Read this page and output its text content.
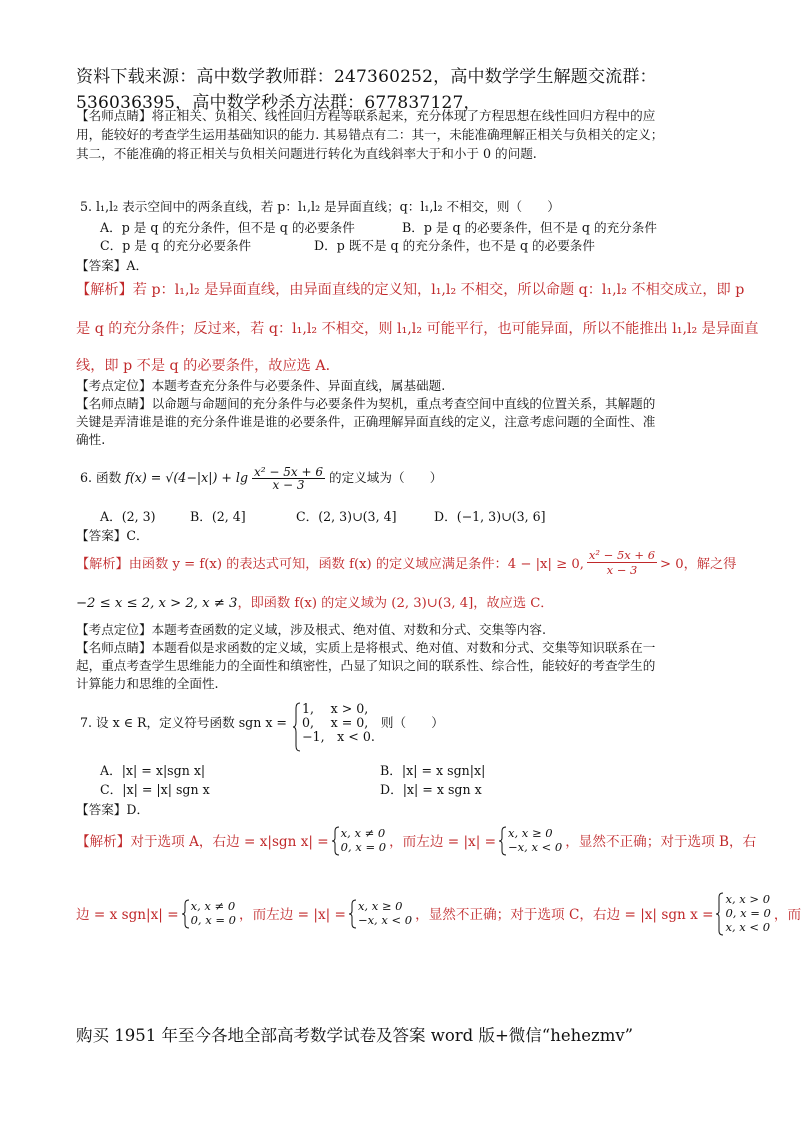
资料下载来源：高中数学教师群：247360252，高中数学学生解题交流群：
536036395，高中数学秒杀方法群：677837127，
【名师点睛】将正相关、负相关、线性回归方程等联系起来，充分体现了方程思想在线性回归方程中的应
用，能较好的考查学生运用基础知识的能力. 其易错点有二：其一，未能准确理解正相关与负相关的定义；
其二，不能准确的将正相关与负相关问题进行转化为直线斜率大于和小于 0 的问题.
5. l₁,l₂ 表示空间中的两条直线，若 p：l₁,l₂ 是异面直线；q：l₁,l₂ 不相交，则（　　）
A．p 是 q 的充分条件，但不是 q 的必要条件	B．p 是 q 的必要条件，但不是 q 的充分条件
C．p 是 q 的充分必要条件	D．p 既不是 q 的充分条件，也不是 q 的必要条件
【答案】A．
【解析】若 p：l₁,l₂ 是异面直线，由异面直线的定义知，l₁,l₂ 不相交，所以命题 q：l₁,l₂ 不相交成立，即 p
是 q 的充分条件；反过来，若 q：l₁,l₂ 不相交，则 l₁,l₂ 可能平行，也可能异面，所以不能推出 l₁,l₂ 是异面直
线，即 p 不是 q 的必要条件，故应选 A．
【考点定位】本题考查充分条件与必要条件、异面直线，属基础题.
【名师点睛】以命题与命题间的充分条件与必要条件为契机，重点考查空间中直线的位置关系，其解题的
关键是弄清谁是谁的充分条件谁是谁的必要条件，正确理解异面直线的定义，注意考虑问题的全面性、准
确性.
6. 函数 $f(x) = √(4-|x|) + \lg \frac{\text{x² − 5x + 6}}{x - 3}$ 的定义域为（　　）
A．(2, 3)	B．(2, 4]	C．(2, 3)∪(3, 4]	D．(−1, 3)∪(3, 6]
【答案】C．
【解析】由函数 y = f(x) 的表达式可知，函数 f(x) 的定义域应满足条件：4 − |x| ≥ 0, $\frac{\text{x² − 5x + 6}}{x - 3} > 0$，解之得
−2 ≤ x ≤ 2, x > 2, x ≠ 3，即函数 f(x) 的定义域为 (2, 3)∪(3, 4]，故应选 C．
【考点定位】本题考查函数的定义域，涉及根式、绝对值、对数和分式、交集等内容.
【名师点睛】本题看似是求函数的定义域，实质上是将根式、绝对值、对数和分式、交集等知识联系在一
起，重点考查学生思维能力的全面性和缜密性，凸显了知识之间的联系性、综合性，能较好的考查学生的
计算能力和思维的全面性.
7. 设 x ∈ R，定义符号函数 sgn x =
1,　 x > 0,
0,　 x = 0,
−1,　x < 0.
则（　　）
A．|x| = x|sgn x|	B．|x| = x sgn|x|
C．|x| = |x| sgn x	D．|x| = x sgn x
【答案】D．
【解析】对于选项 A，右边 = x|sgn x| =
x, x ≠ 0
0, x = 0 ，而左边 = |x| =
x, x ≥ 0
−x, x < 0 ，显然不正确；对于选项 B，右
边 = x sgn|x| =
x, x ≠ 0
0, x = 0 ，而左边 = |x| =
x, x ≥ 0
−x, x < 0 ，显然不正确；对于选项 C，右边 = |x| sgn x =
x, x > 0
0, x = 0
x, x < 0
，而
购买 1951 年至今各地全部高考数学试卷及答案 word 版+微信“hehezmv”
